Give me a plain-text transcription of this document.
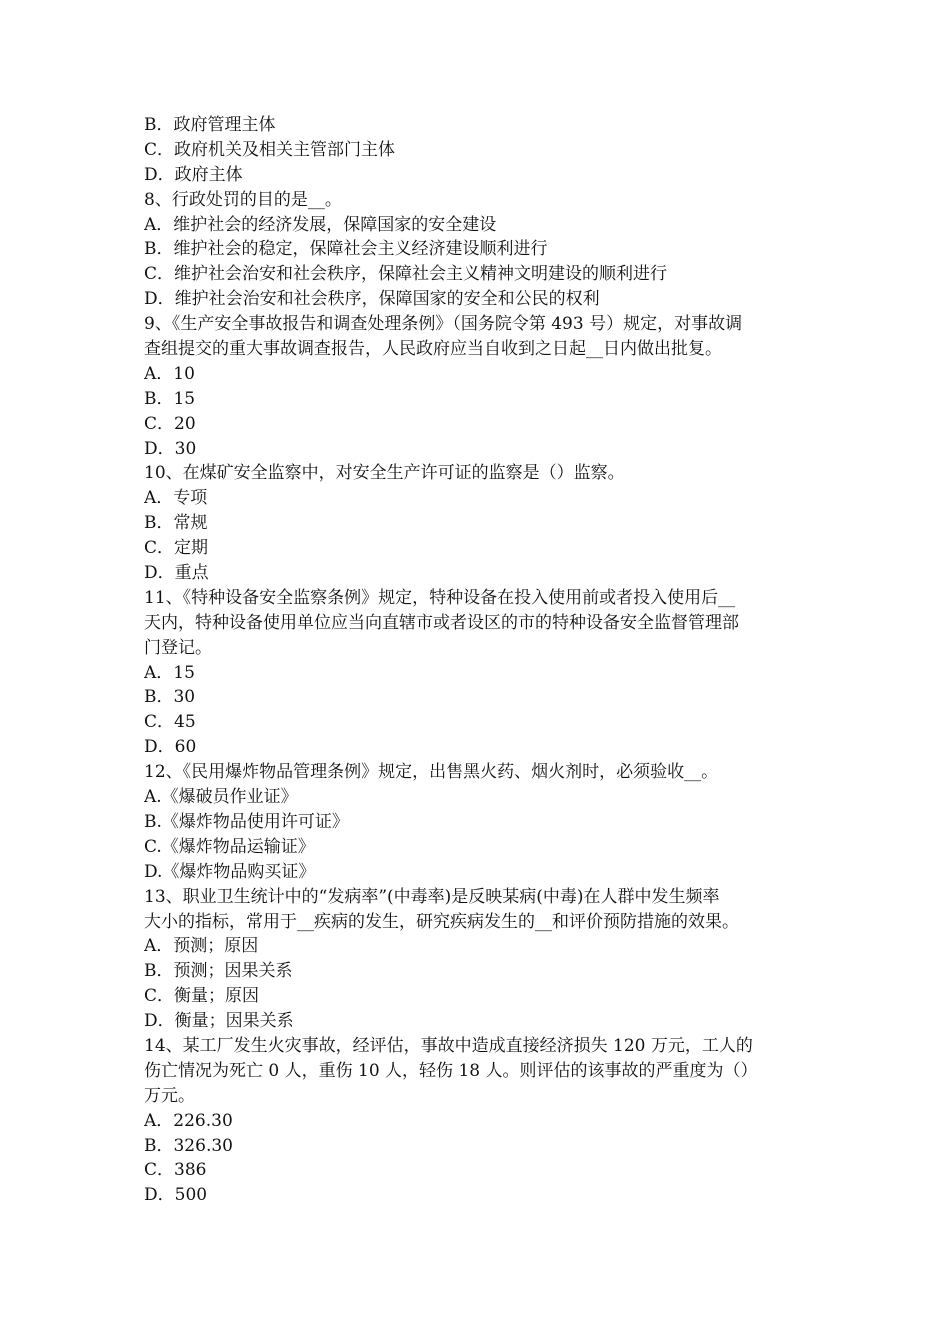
B．政府管理主体
C．政府机关及相关主管部门主体
D．政府主体
8、行政处罚的目的是__。
A．维护社会的经济发展，保障国家的安全建设
B．维护社会的稳定，保障社会主义经济建设顺利进行
C．维护社会治安和社会秩序，保障社会主义精神文明建设的顺利进行
D．维护社会治安和社会秩序，保障国家的安全和公民的权利
9、《生产安全事故报告和调查处理条例》（国务院令第 493 号）规定，对事故调
查组提交的重大事故调查报告，人民政府应当自收到之日起__日内做出批复。
A．10
B．15
C．20
D．30
10、在煤矿安全监察中，对安全生产许可证的监察是（）监察。
A．专项
B．常规
C．定期
D．重点
11、《特种设备安全监察条例》规定，特种设备在投入使用前或者投入使用后__
天内，特种设备使用单位应当向直辖市或者设区的市的特种设备安全监督管理部
门登记。
A．15
B．30
C．45
D．60
12、《民用爆炸物品管理条例》规定，出售黑火药、烟火剂时，必须验收__。
A.《爆破员作业证》
B.《爆炸物品使用许可证》
C.《爆炸物品运输证》
D.《爆炸物品购买证》
13、职业卫生统计中的“发病率”(中毒率)是反映某病(中毒)在人群中发生频率
大小的指标，常用于__疾病的发生，研究疾病发生的__和评价预防措施的效果。
A．预测；原因
B．预测；因果关系
C．衡量；原因
D．衡量；因果关系
14、某工厂发生火灾事故，经评估，事故中造成直接经济损失 120 万元，工人的
伤亡情况为死亡 0 人，重伤 10 人，轻伤 18 人。则评估的该事故的严重度为（）
万元。
A．226.30
B．326.30
C．386
D．500
